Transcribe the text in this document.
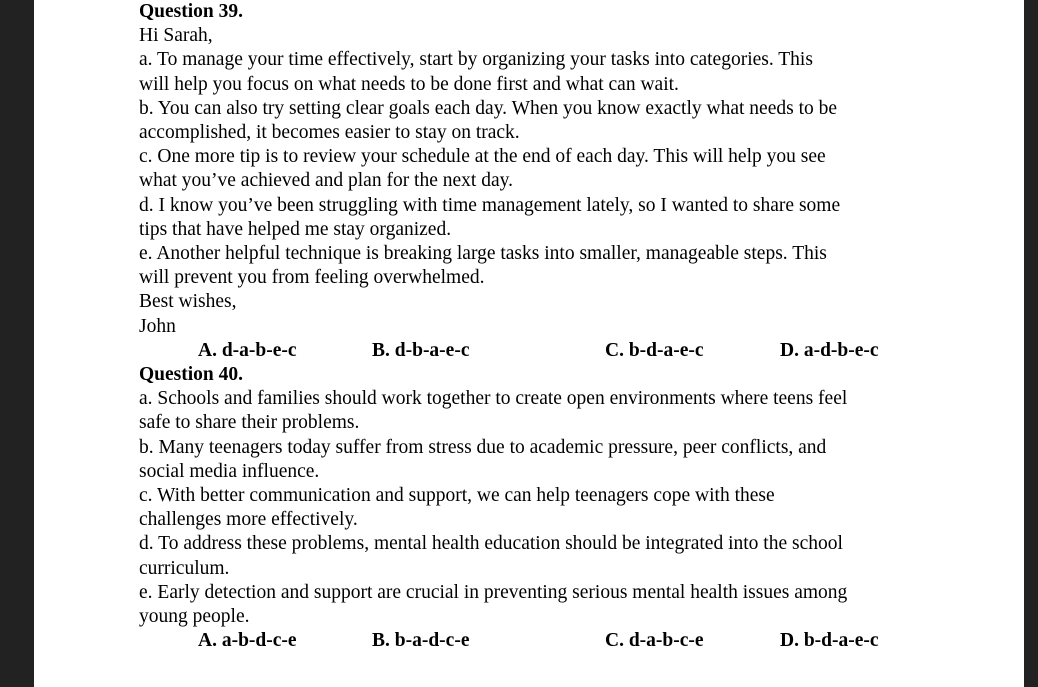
Question 39.
Hi Sarah,
a. To manage your time effectively, start by organizing your tasks into categories. This
will help you focus on what needs to be done first and what can wait.
b. You can also try setting clear goals each day. When you know exactly what needs to be
accomplished, it becomes easier to stay on track.
c. One more tip is to review your schedule at the end of each day. This will help you see
what you’ve achieved and plan for the next day.
d. I know you’ve been struggling with time management lately, so I wanted to share some
tips that have helped me stay organized.
e. Another helpful technique is breaking large tasks into smaller, manageable steps. This
will prevent you from feeling overwhelmed.
Best wishes,
John
A. d-a-b-e-c	B. d-b-a-e-c	C. b-d-a-e-c	D. a-d-b-e-c
Question 40.
a. Schools and families should work together to create open environments where teens feel
safe to share their problems.
b. Many teenagers today suffer from stress due to academic pressure, peer conflicts, and
social media influence.
c. With better communication and support, we can help teenagers cope with these
challenges more effectively.
d. To address these problems, mental health education should be integrated into the school
curriculum.
e. Early detection and support are crucial in preventing serious mental health issues among
young people.
A. a-b-d-c-e	B. b-a-d-c-e	C. d-a-b-c-e	D. b-d-a-e-c
